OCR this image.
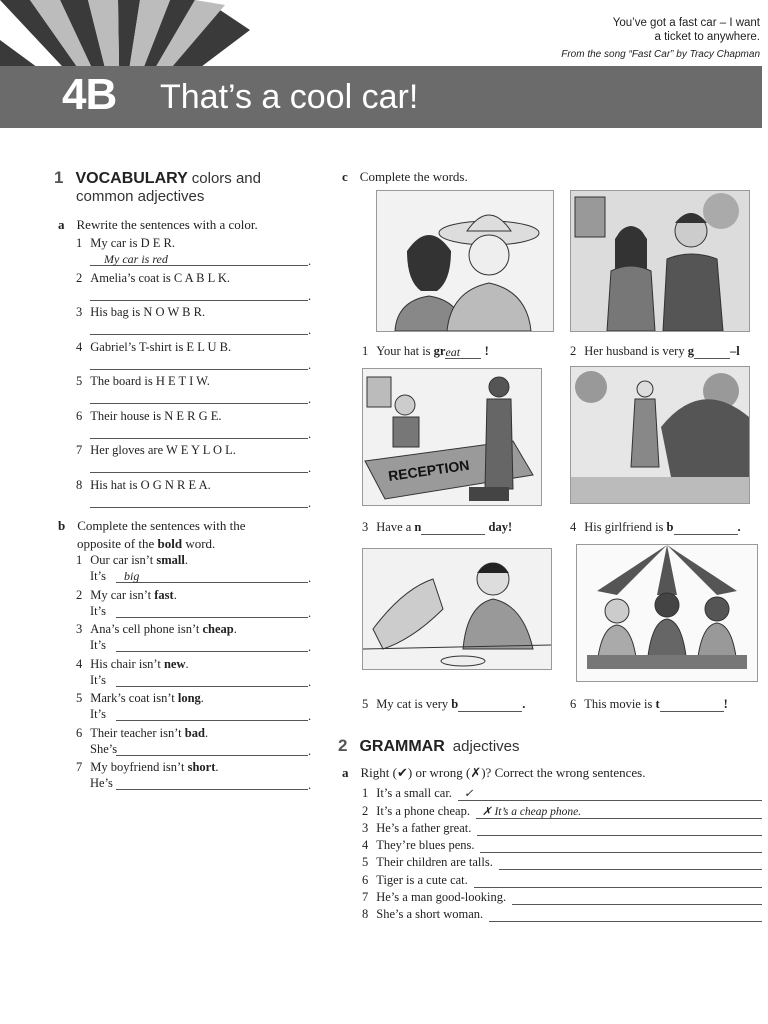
4B That’s a cool car!
You’ve got a fast car – I want
a ticket to anywhere.
From the song “Fast Car” by Tracy Chapman
1 VOCABULARY colors and
common adjectives
a Rewrite the sentences with a color.
1 My car is D E R.
My car is red	.
2 Amelia’s coat is C A B L K.
.
3 His bag is N O W B R.
.
4 Gabriel’s T-shirt is E L U B.
.
5 The board is H E T I W.
.
6 Their house is N E R G E.
.
7 Her gloves are W E Y L O L.
.
8 His hat is O G N R E A.
.
b Complete the sentences with the
opposite of the bold word.
1 Our car isn’t small.
It’s	big	.
2 My car isn’t fast.
It’s	.
3 Ana’s cell phone isn’t cheap.
It’s	.
4 His chair isn’t new.
It’s	.
5 Mark’s coat isn’t long.
It’s	.
6 Their teacher isn’t bad.
She’s	.
7 My boyfriend isn’t short.
He’s	.
c Complete the words.
RECEPTION
1 Your hat is great !	2 Her husband is very g	–l
3 Have a n	day!	4 His girlfriend is b	.
5 My cat is very b	.	6 This movie is t	!
2 GRAMMAR adjectives
a Right (✔) or wrong (✗)? Correct the wrong sentences.
1 It’s a small car.	✓
2 It’s a phone cheap.	✗ It’s a cheap phone.
3 He’s a father great.
4 They’re blues pens.
5 Their children are talls.
6 Tiger is a cute cat.
7 He’s a man good-looking.
8 She’s a short woman.
